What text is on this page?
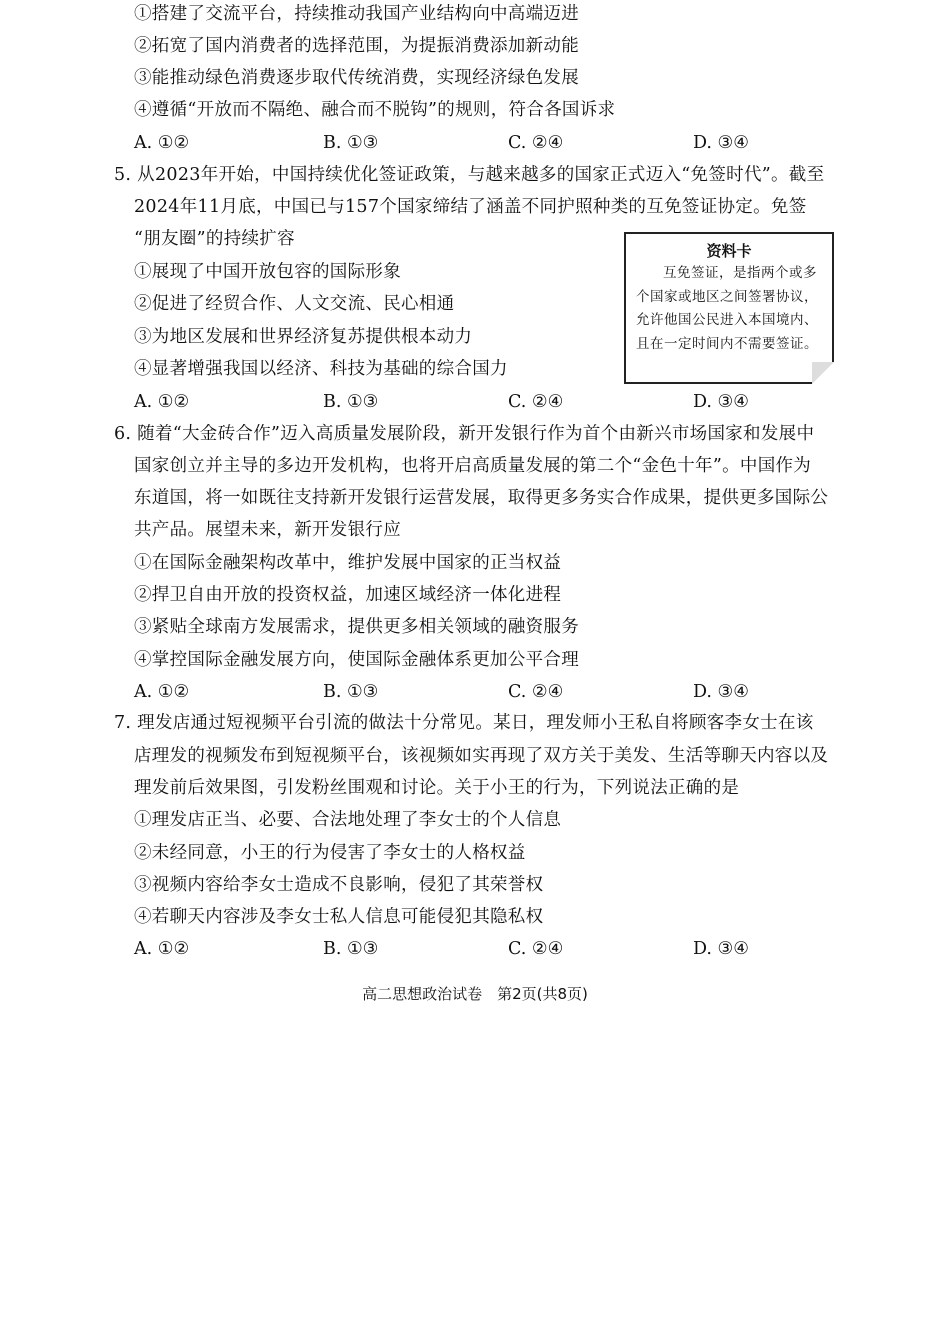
①搭建了交流平台，持续推动我国产业结构向中高端迈进
②拓宽了国内消费者的选择范围，为提振消费添加新动能
③能推动绿色消费逐步取代传统消费，实现经济绿色发展
④遵循“开放而不隔绝、融合而不脱钩”的规则，符合各国诉求
A. ①②	B. ①③	C. ②④	D. ③④
5. 从2023年开始，中国持续优化签证政策，与越来越多的国家正式迈入“免签时代”。截至
2024年11月底，中国已与157个国家缔结了涵盖不同护照种类的互免签证协定。免签
“朋友圈”的持续扩容
①展现了中国开放包容的国际形象
②促进了经贸合作、人文交流、民心相通
③为地区发展和世界经济复苏提供根本动力
④显著增强我国以经济、科技为基础的综合国力
资料卡
互免签证，是指两个或多个国家或地区之间签署协议，允许他国公民进入本国境内、且在一定时间内不需要签证。
A. ①②	B. ①③	C. ②④	D. ③④
6. 随着“大金砖合作”迈入高质量发展阶段，新开发银行作为首个由新兴市场国家和发展中
国家创立并主导的多边开发机构，也将开启高质量发展的第二个“金色十年”。中国作为
东道国，将一如既往支持新开发银行运营发展，取得更多务实合作成果，提供更多国际公
共产品。展望未来，新开发银行应
①在国际金融架构改革中，维护发展中国家的正当权益
②捍卫自由开放的投资权益，加速区域经济一体化进程
③紧贴全球南方发展需求，提供更多相关领域的融资服务
④掌控国际金融发展方向，使国际金融体系更加公平合理
A. ①②	B. ①③	C. ②④	D. ③④
7. 理发店通过短视频平台引流的做法十分常见。某日，理发师小王私自将顾客李女士在该
店理发的视频发布到短视频平台，该视频如实再现了双方关于美发、生活等聊天内容以及
理发前后效果图，引发粉丝围观和讨论。关于小王的行为，下列说法正确的是
①理发店正当、必要、合法地处理了李女士的个人信息
②未经同意，小王的行为侵害了李女士的人格权益
③视频内容给李女士造成不良影响，侵犯了其荣誉权
④若聊天内容涉及李女士私人信息可能侵犯其隐私权
A. ①②	B. ①③	C. ②④	D. ③④
高二思想政治试卷　第2页(共8页)
